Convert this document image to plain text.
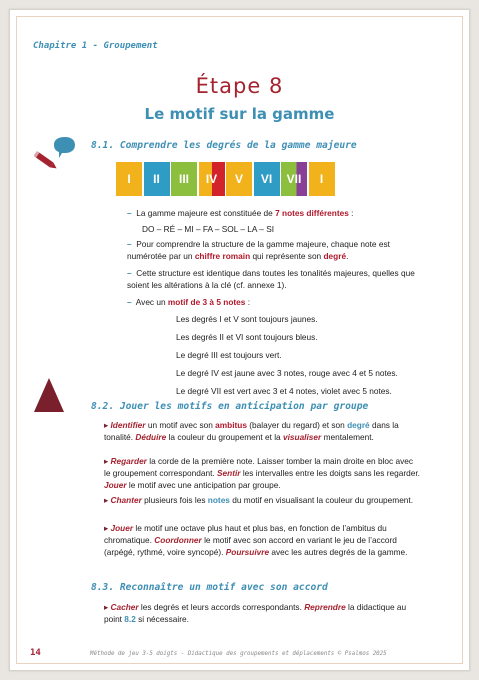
Chapitre 1 - Groupement
Étape 8
Le motif sur la gamme
8.1. Comprendre les degrés de la gamme majeure
I II III IV V VI VII I
– La gamme majeure est constituée de 7 notes différentes :
DO – RÉ – MI – FA – SOL – LA – SI
– Pour comprendre la structure de la gamme majeure, chaque note est numérotée par un chiffre romain qui représente son degré.
– Cette structure est identique dans toutes les tonalités majeures, quelles que soient les altérations à la clé (cf. annexe 1).
– Avec un motif de 3 à 5 notes :
Les degrés I et V sont toujours jaunes.
Les degrés II et VI sont toujours bleus.
Le degré III est toujours vert.
Le degré IV est jaune avec 3 notes, rouge avec 4 et 5 notes.
Le degré VII est vert avec 3 et 4 notes, violet avec 5 notes.
8.2. Jouer les motifs en anticipation par groupe
▸ Identifier un motif avec son ambitus (balayer du regard) et son degré dans la tonalité. Déduire la couleur du groupement et la visualiser mentalement.
▸ Regarder la corde de la première note. Laisser tomber la main droite en bloc avec le groupement correspondant. Sentir les intervalles entre les doigts sans les regarder. Jouer le motif avec une anticipation par groupe.
▸ Chanter plusieurs fois les notes du motif en visualisant la couleur du groupement.
▸ Jouer le motif une octave plus haut et plus bas, en fonction de l’ambitus du chromatique. Coordonner le motif avec son accord en variant le jeu de l’accord (arpégé, rythmé, voire syncopé). Poursuivre avec les autres degrés de la gamme.
8.3. Reconnaître un motif avec son accord
▸ Cacher les degrés et leurs accords correspondants. Reprendre la didactique au point 8.2 si nécessaire.
14	Méthode de jeu 3-5 doigts - Didactique des groupements et déplacements © Psalmos 2025
